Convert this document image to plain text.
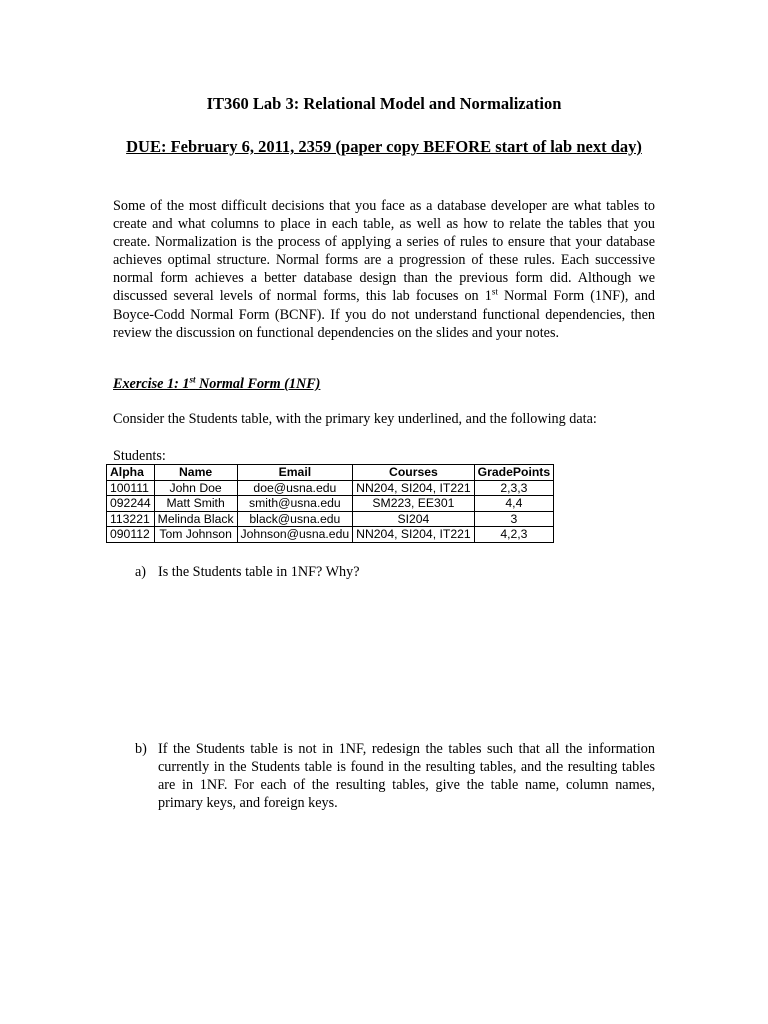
IT360 Lab 3: Relational Model and Normalization
DUE: February 6, 2011, 2359 (paper copy BEFORE start of lab next day)

Some of the most difficult decisions that you face as a database developer are what tables to create and what columns to place in each table, as well as how to relate the tables that you create. Normalization is the process of applying a series of rules to ensure that your database achieves optimal structure. Normal forms are a progression of these rules. Each successive normal form achieves a better database design than the previous form did. Although we discussed several levels of normal forms, this lab focuses on 1st Normal Form (1NF), and Boyce-Codd Normal Form (BCNF). If you do not understand functional dependencies, then review the discussion on functional dependencies on the slides and your notes.

Exercise 1: 1st Normal Form (1NF)
Consider the Students table, with the primary key underlined, and the following data:
Students:
Alpha	Name	Email	Courses	GradePoints
100111	John Doe	doe@usna.edu	NN204, SI204, IT221	2,3,3
092244	Matt Smith	smith@usna.edu	SM223, EE301	4,4
113221	Melinda Black	black@usna.edu	SI204	3
090112	Tom Johnson	Johnson@usna.edu	NN204, SI204, IT221	4,2,3
a) Is the Students table in 1NF? Why?
b) If the Students table is not in 1NF, redesign the tables such that all the information currently in the Students table is found in the resulting tables, and the resulting tables are in 1NF. For each of the resulting tables, give the table name, column names, primary keys, and foreign keys.
